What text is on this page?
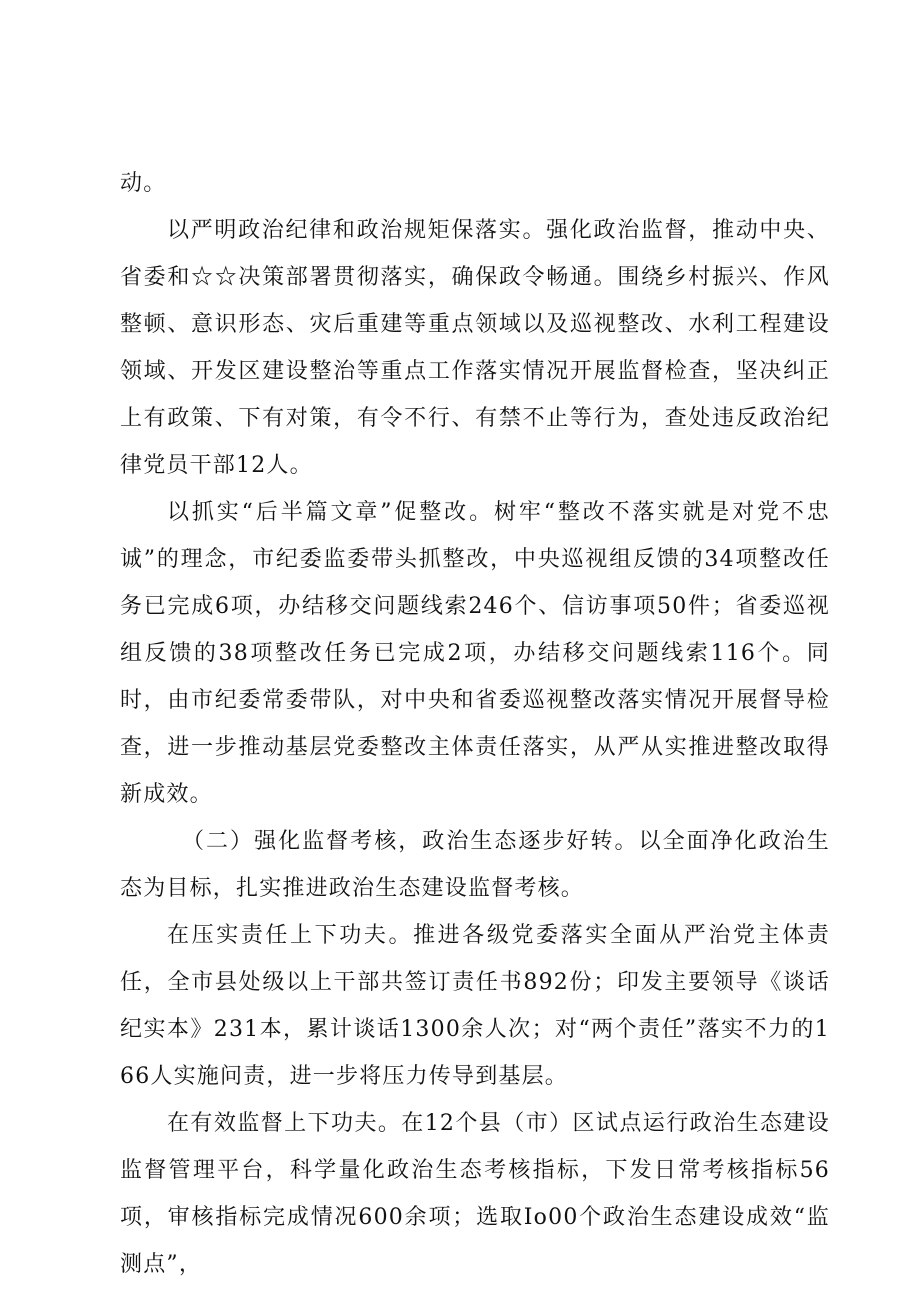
动。

以严明政治纪律和政治规矩保落实。强化政治监督，推动中央、省委和☆☆决策部署贯彻落实，确保政令畅通。围绕乡村振兴、作风整顿、意识形态、灾后重建等重点领域以及巡视整改、水利工程建设领域、开发区建设整治等重点工作落实情况开展监督检查，坚决纠正上有政策、下有对策，有令不行、有禁不止等行为，查处违反政治纪律党员干部12人。

以抓实“后半篇文章”促整改。树牢“整改不落实就是对党不忠诚”的理念，市纪委监委带头抓整改，中央巡视组反馈的34项整改任务已完成6项，办结移交问题线索246个、信访事项50件；省委巡视组反馈的38项整改任务已完成2项，办结移交问题线索116个。同时，由市纪委常委带队，对中央和省委巡视整改落实情况开展督导检查，进一步推动基层党委整改主体责任落实，从严从实推进整改取得新成效。

（二）强化监督考核，政治生态逐步好转。以全面净化政治生态为目标，扎实推进政治生态建设监督考核。

在压实责任上下功夫。推进各级党委落实全面从严治党主体责任，全市县处级以上干部共签订责任书892份；印发主要领导《谈话纪实本》231本，累计谈话1300余人次；对“两个责任”落实不力的166人实施问责，进一步将压力传导到基层。

在有效监督上下功夫。在12个县（市）区试点运行政治生态建设监督管理平台，科学量化政治生态考核指标，下发日常考核指标56项，审核指标完成情况600余项；选取Io00个政治生态建设成效“监测点”，
